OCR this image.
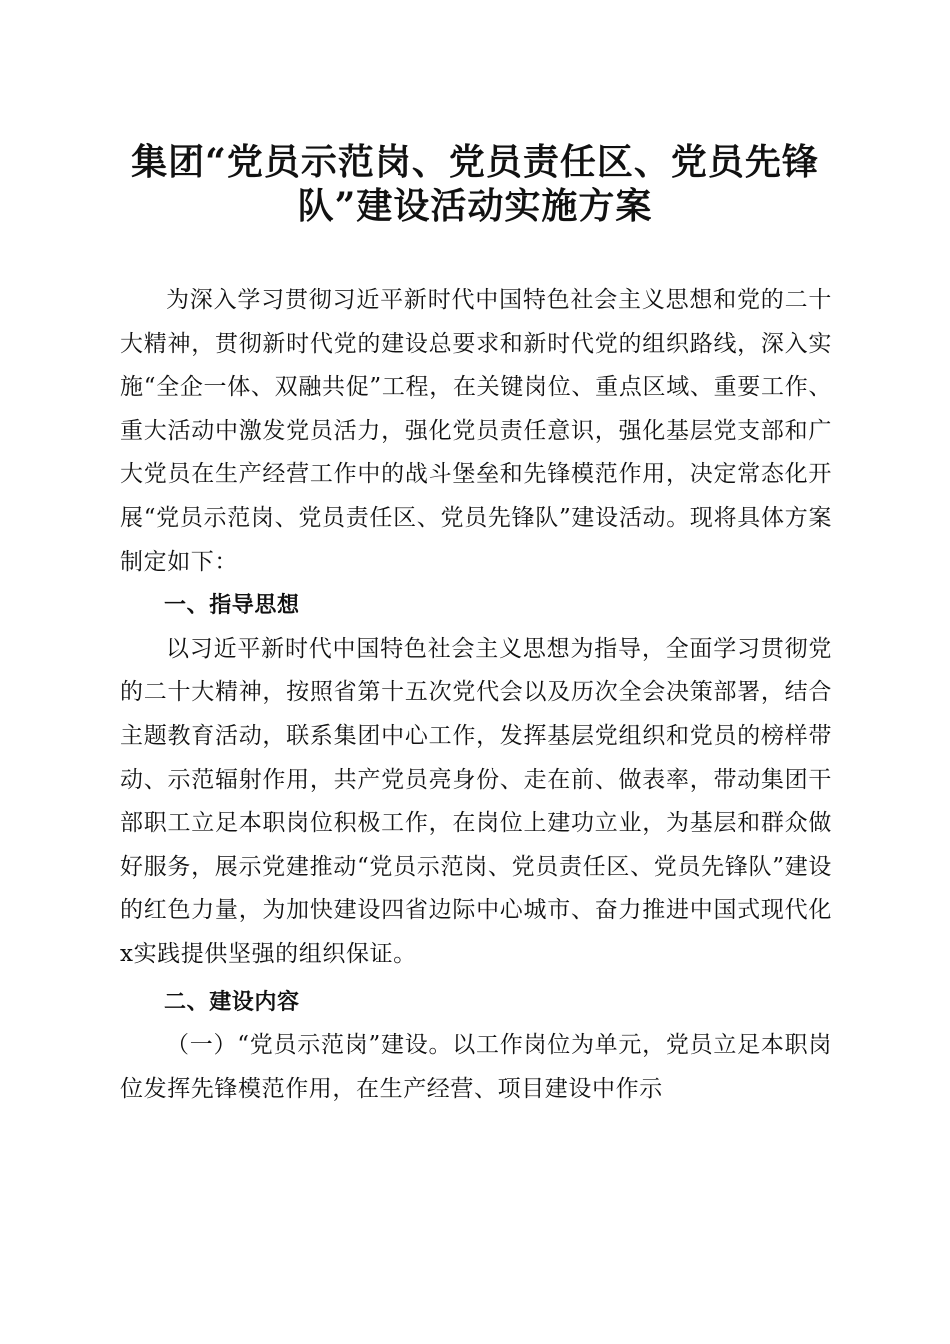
集团“党员示范岗、党员责任区、党员先锋
队”建设活动实施方案

为深入学习贯彻习近平新时代中国特色社会主义思想和党的二十大精神，贯彻新时代党的建设总要求和新时代党的组织路线，深入实施“全企一体、双融共促”工程，在关键岗位、重点区域、重要工作、重大活动中激发党员活力，强化党员责任意识，强化基层党支部和广大党员在生产经营工作中的战斗堡垒和先锋模范作用，决定常态化开展“党员示范岗、党员责任区、党员先锋队”建设活动。现将具体方案制定如下：

一、指导思想

以习近平新时代中国特色社会主义思想为指导，全面学习贯彻党的二十大精神，按照省第十五次党代会以及历次全会决策部署，结合主题教育活动，联系集团中心工作，发挥基层党组织和党员的榜样带动、示范辐射作用，共产党员亮身份、走在前、做表率，带动集团干部职工立足本职岗位积极工作，在岗位上建功立业，为基层和群众做好服务，展示党建推动“党员示范岗、党员责任区、党员先锋队”建设的红色力量，为加快建设四省边际中心城市、奋力推进中国式现代化x实践提供坚强的组织保证。

二、建设内容

（一）“党员示范岗”建设。以工作岗位为单元，党员立足本职岗位发挥先锋模范作用，在生产经营、项目建设中作示
